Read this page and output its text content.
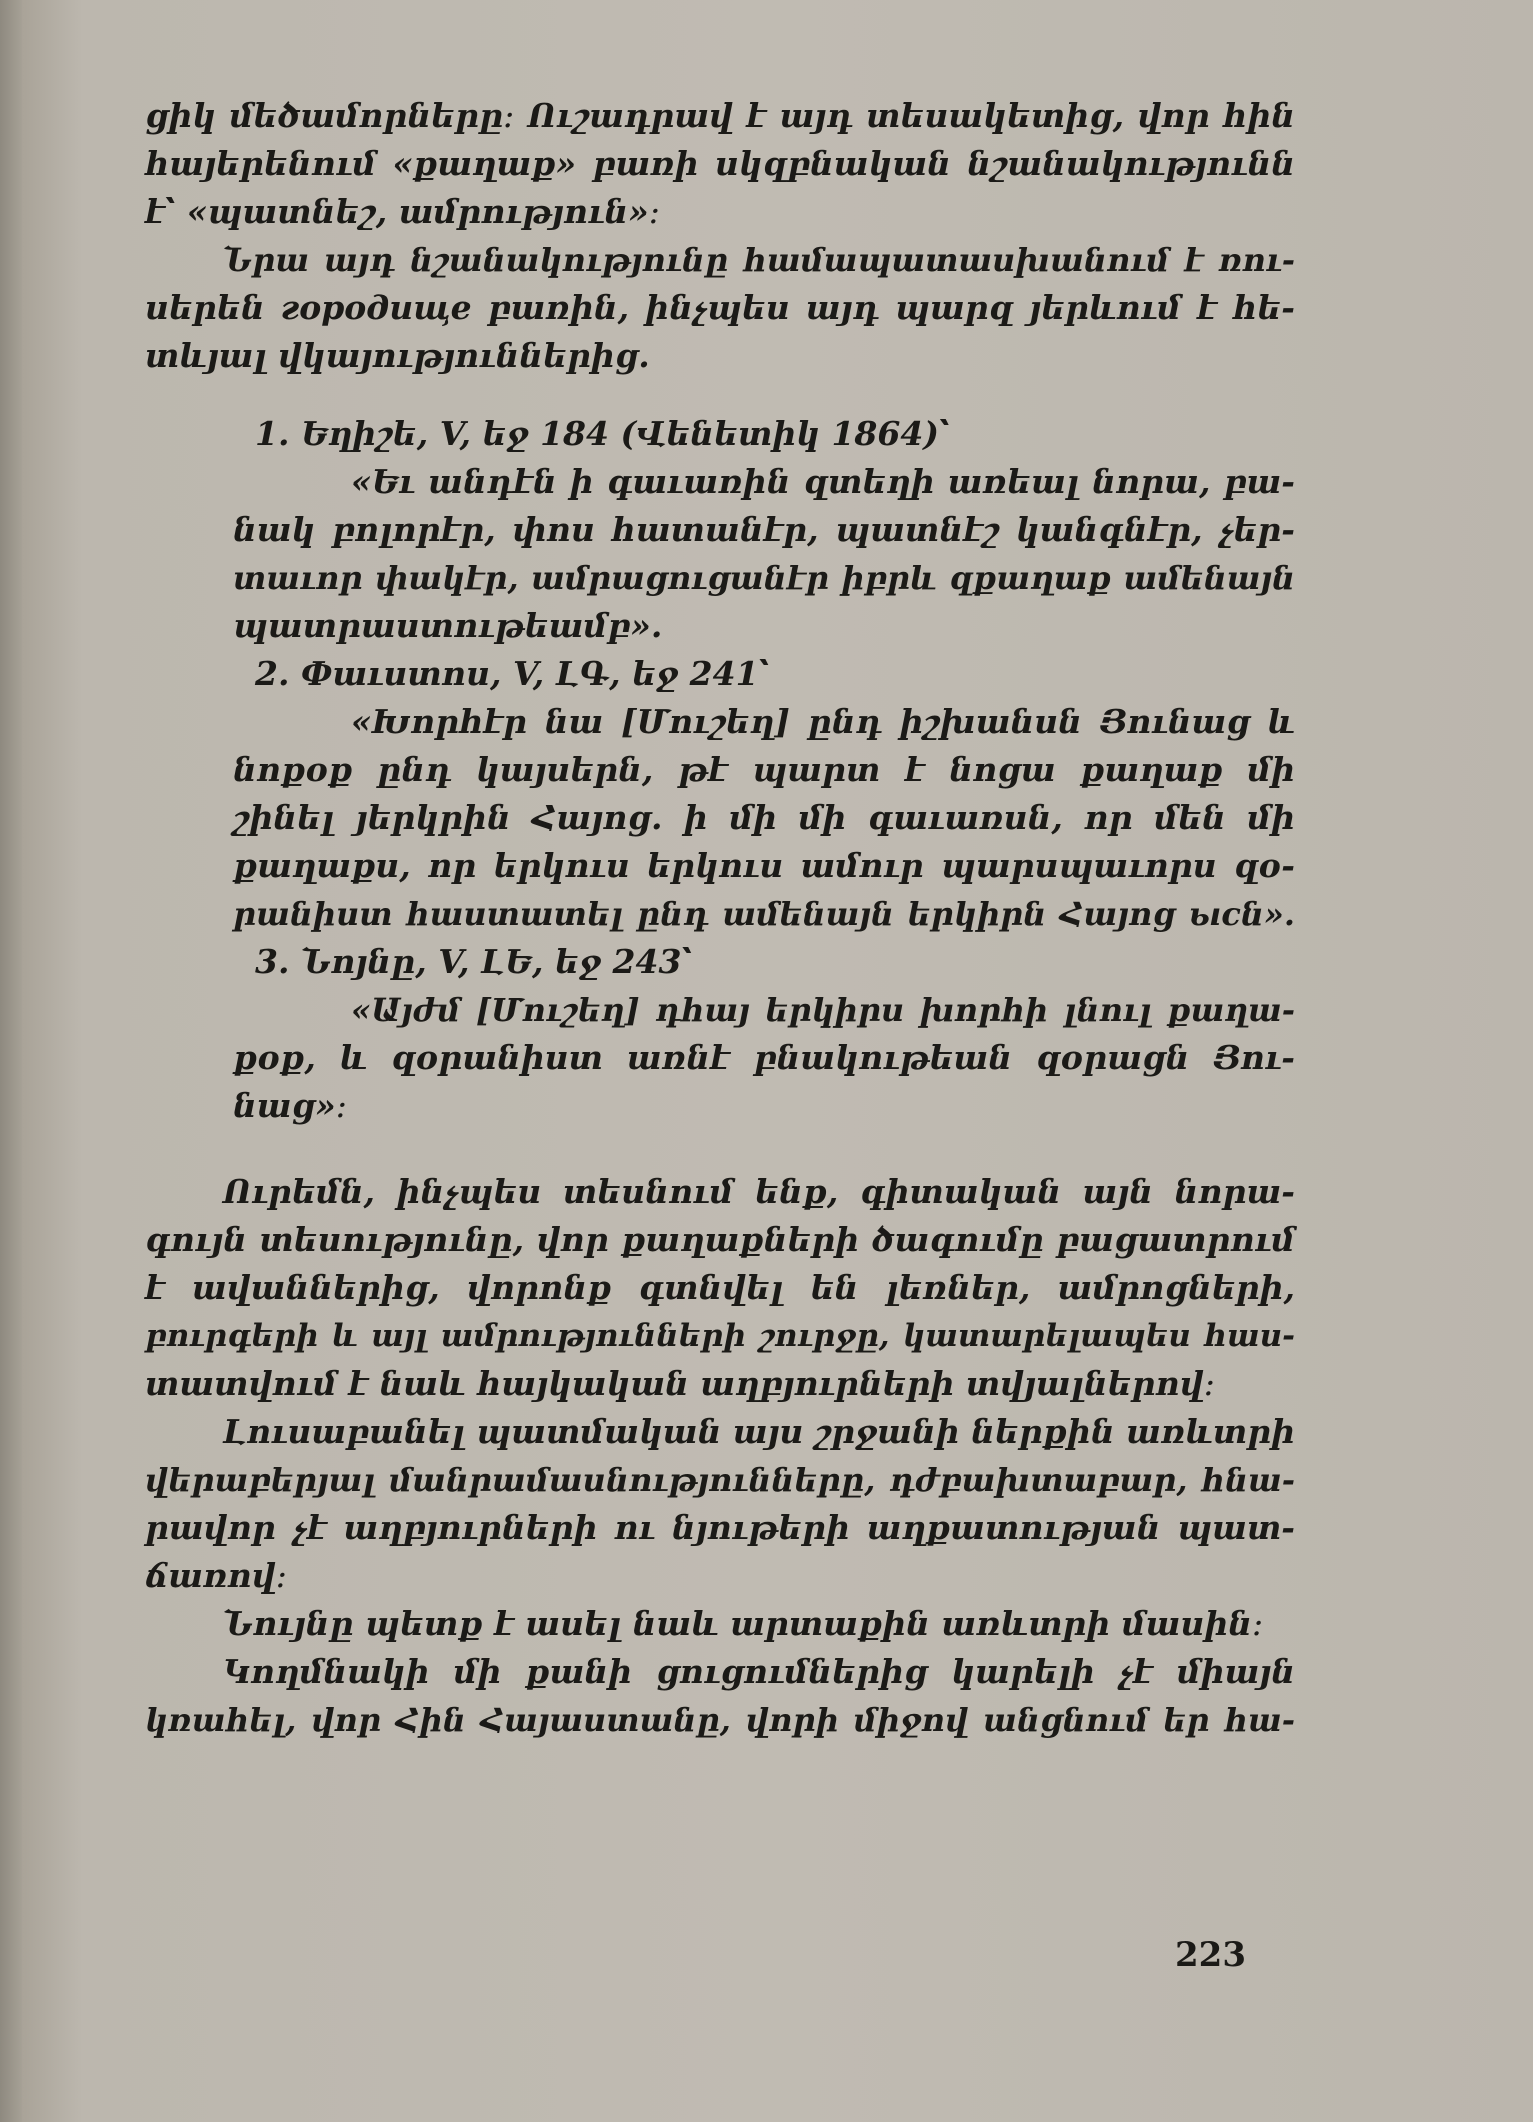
ցիկ մեծամորները։ Ուշադրավ է այդ տեսակետից, վոր հին
հայերենում «քաղաք» բառի սկզբնական նշանակությունն
է՝ «պատնեշ, ամրություն»։
Նրա այդ նշանակությունը համապատասխանում է ռու-
սերեն городище բառին, ինչպես այդ պարզ յերևում է հե-
տևյալ վկայություններից.
1. Եղիշե, V, եջ 184 (Վենետիկ 1864)՝
«Եւ անդէն ի գաւառին զտեղի առեալ նորա, բա-
նակ բոլորէր, փոս հատանէր, պատնէշ կանգնէր, չեր-
տաւոր փակէր, ամրացուցանէր իբրև զքաղաք ամենայն
պատրաստութեամբ».
2. Փաւստոս, V, ԼԳ, եջ 241՝
«Խորհէր նա [Մուշեղ] ընդ իշխանսն Յունաց և
նոքօք ընդ կայսերն, թէ պարտ է նոցա քաղաք մի
շինել յերկրին Հայոց. ի մի մի գաւառսն, որ մեն մի
քաղաքս, որ երկուս երկուս ամուր պարսպաւորս զօ-
րանիստ հաստատել ընդ ամենայն երկիրն Հայոց ысն».
3. Նոյնը, V, ԼԵ, եջ 243՝
«Այժմ [Մուշեղ] դհայ երկիրս խորհի լնուլ քաղա-
քօք, և զօրանիստ առնէ բնակութեան զօրացն Յու-
նաց»։
Ուրեմն, ինչպես տեսնում ենք, գիտական այն նորա-
գույն տեսությունը, վոր քաղաքների ծագումը բացատրում
է ավաններից, վորոնք գտնվել են լեռներ, ամրոցների,
բուրգերի և այլ ամրությունների շուրջը, կատարելապես հաս-
տատվում է նաև հայկական աղբյուրների տվյալներով։
Լուսաբանել պատմական այս շրջանի ներքին առևտրի
վերաբերյալ մանրամասնությունները, դժբախտաբար, հնա-
րավոր չէ աղբյուրների ու նյութերի աղքատության պատ-
ճառով։
Նույնը պետք է ասել նաև արտաքին առևտրի մասին։
Կողմնակի մի քանի ցուցումներից կարելի չէ միայն
կռահել, վոր Հին Հայաստանը, վորի միջով անցնում եր հա-
223
